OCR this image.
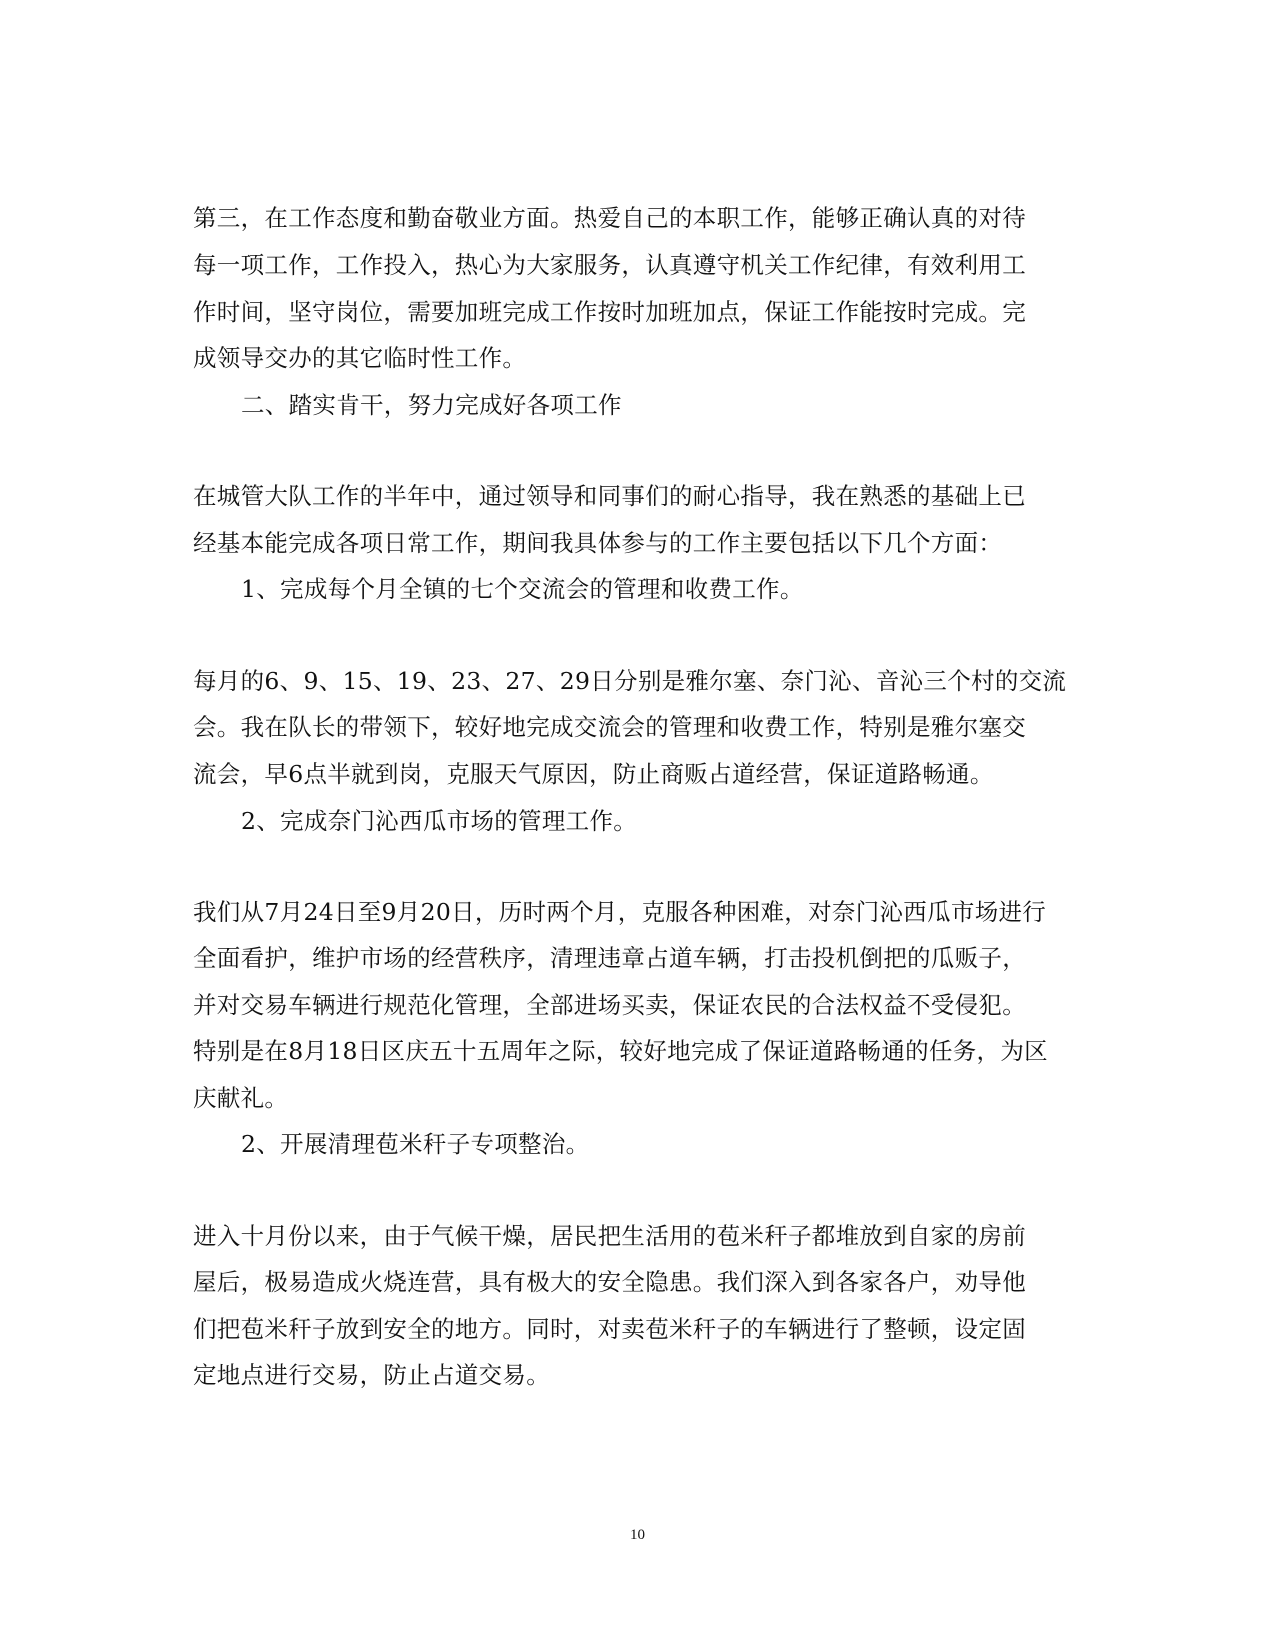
第三，在工作态度和勤奋敬业方面。热爱自己的本职工作，能够正确认真的对待
每一项工作，工作投入，热心为大家服务，认真遵守机关工作纪律，有效利用工
作时间，坚守岗位，需要加班完成工作按时加班加点，保证工作能按时完成。完
成领导交办的其它临时性工作。
二、踏实肯干，努力完成好各项工作
在城管大队工作的半年中，通过领导和同事们的耐心指导，我在熟悉的基础上已
经基本能完成各项日常工作，期间我具体参与的工作主要包括以下几个方面：
1、完成每个月全镇的七个交流会的管理和收费工作。
每月的6、9、15、19、23、27、29日分别是雅尔塞、奈门沁、音沁三个村的交流
会。我在队长的带领下，较好地完成交流会的管理和收费工作，特别是雅尔塞交
流会，早6点半就到岗，克服天气原因，防止商贩占道经营，保证道路畅通。
2、完成奈门沁西瓜市场的管理工作。
我们从7月24日至9月20日，历时两个月，克服各种困难，对奈门沁西瓜市场进行
全面看护，维护市场的经营秩序，清理违章占道车辆，打击投机倒把的瓜贩子，
并对交易车辆进行规范化管理，全部进场买卖，保证农民的合法权益不受侵犯。
特别是在8月18日区庆五十五周年之际，较好地完成了保证道路畅通的任务，为区
庆献礼。
2、开展清理苞米秆子专项整治。
进入十月份以来，由于气候干燥，居民把生活用的苞米秆子都堆放到自家的房前
屋后，极易造成火烧连营，具有极大的安全隐患。我们深入到各家各户，劝导他
们把苞米秆子放到安全的地方。同时，对卖苞米秆子的车辆进行了整顿，设定固
定地点进行交易，防止占道交易。
10
